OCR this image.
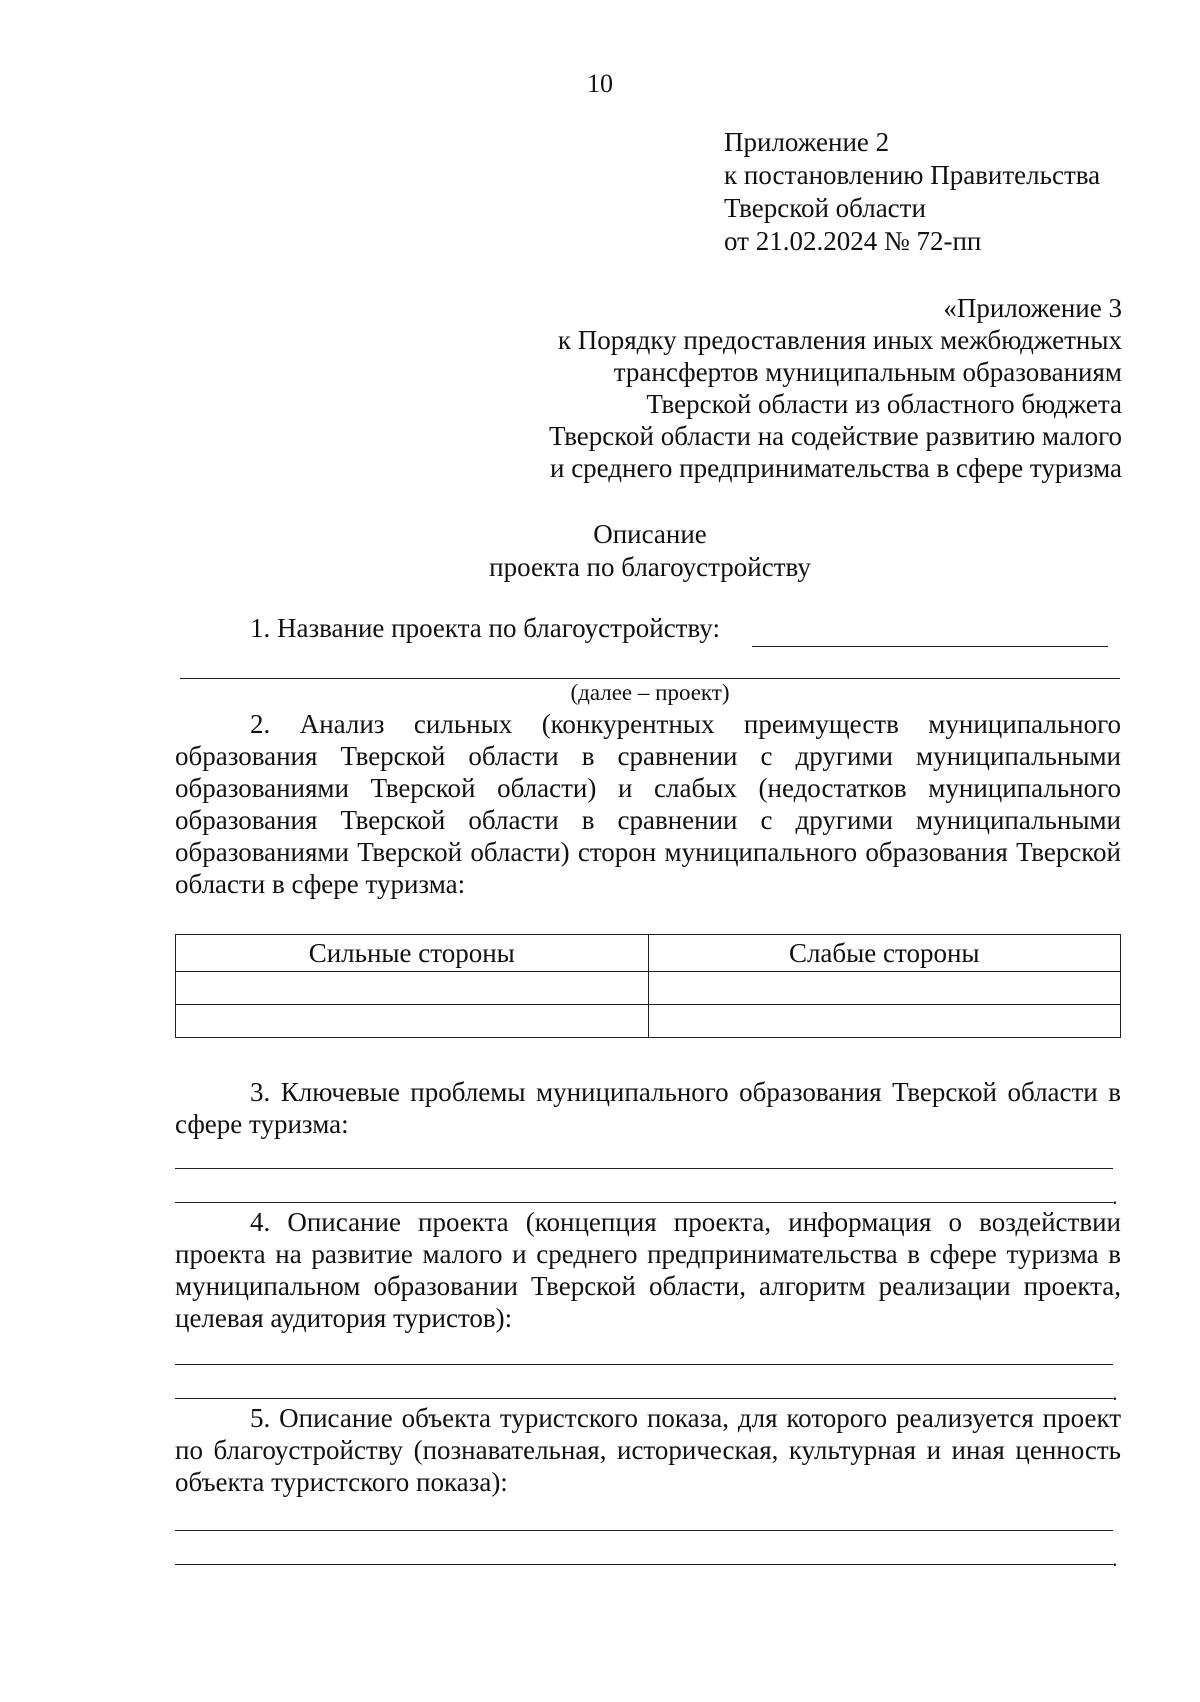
10
Приложение 2
к постановлению Правительства
Тверской области
от 21.02.2024 № 72-пп
«Приложение 3
к Порядку предоставления иных межбюджетных
трансфертов муниципальным образованиям
Тверской области из областного бюджета
Тверской области на содействие развитию малого
и среднего предпринимательства в сфере туризма
Описание
проекта по благоустройству
1. Название проекта по благоустройству:
(далее – проект)
2. Анализ сильных (конкурентных преимуществ муниципального образования Тверской области в сравнении с другими муниципальными образованиями Тверской области) и слабых (недостатков муниципального образования Тверской области в сравнении с другими муниципальными образованиями Тверской области) сторон муниципального образования Тверской области в сфере туризма:
Сильные стороны	Слабые стороны

3. Ключевые проблемы муниципального образования Тверской области в сфере туризма:
.
4. Описание проекта (концепция проекта, информация о воздействии проекта на развитие малого и среднего предпринимательства в сфере туризма в муниципальном образовании Тверской области, алгоритм реализации проекта, целевая аудитория туристов):
.
5. Описание объекта туристского показа, для которого реализуется проект по благоустройству (познавательная, историческая, культурная и иная ценность объекта туристского показа):
.
